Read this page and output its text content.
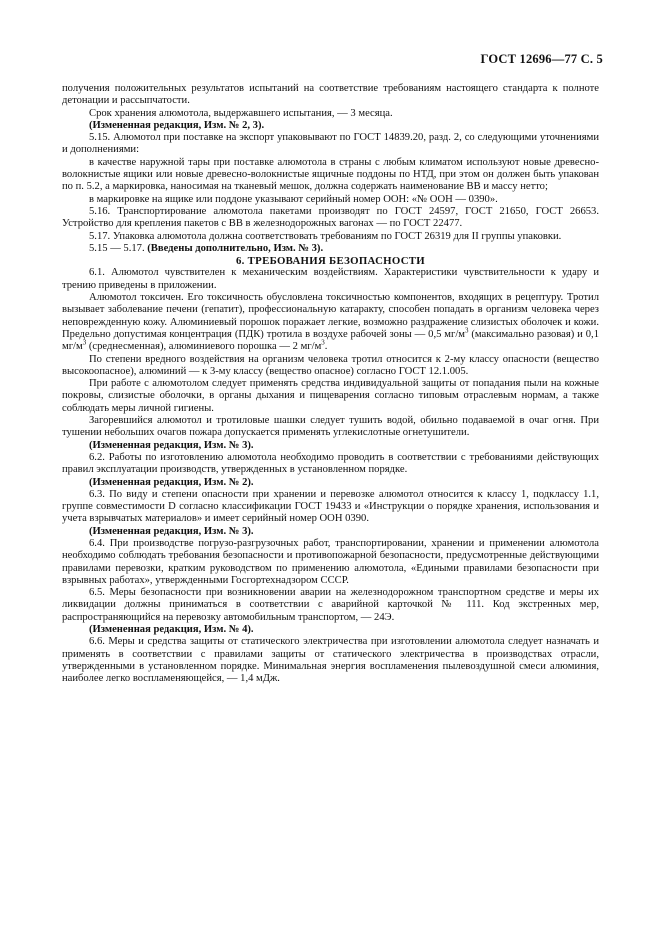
ГОСТ 12696—77 С. 5

получения положительных результатов испытаний на соответствие требованиям настоящего стандарта к полноте детонации и рассыпчатости.

Срок хранения алюмотола, выдержавшего испытания, — 3 месяца.

(Измененная редакция, Изм. № 2, 3).

5.15. Алюмотол при поставке на экспорт упаковывают по ГОСТ 14839.20, разд. 2, со следующими уточнениями и дополнениями:

в качестве наружной тары при поставке алюмотола в страны с любым климатом используют новые древесно-волокнистые ящики или новые древесно-волокнистые ящичные поддоны по НТД, при этом он должен быть упакован по п. 5.2, а маркировка, наносимая на тканевый мешок, должна содержать наименование ВВ и массу нетто;

в маркировке на ящике или поддоне указывают серийный номер ООН: «№ ООН — 0390».

5.16. Транспортирование алюмотола пакетами производят по ГОСТ 24597, ГОСТ 21650, ГОСТ 26653. Устройство для крепления пакетов с ВВ в железнодорожных вагонах — по ГОСТ 22477.

5.17. Упаковка алюмотола должна соответствовать требованиям по ГОСТ 26319 для II группы упаковки.

5.15 — 5.17. (Введены дополнительно, Изм. № 3).

6. ТРЕБОВАНИЯ БЕЗОПАСНОСТИ

6.1. Алюмотол чувствителен к механическим воздействиям. Характеристики чувствительности к удару и трению приведены в приложении.

Алюмотол токсичен. Его токсичность обусловлена токсичностью компонентов, входящих в рецептуру. Тротил вызывает заболевание печени (гепатит), профессиональную катаракту, способен попадать в организм человека через неповрежденную кожу. Алюминиевый порошок поражает легкие, возможно раздражение слизистых оболочек и кожи. Предельно допустимая концентрация (ПДК) тротила в воздухе рабочей зоны — 0,5 $мг/м^3$ (максимально разовая) и 0,1 $мг/м^3$ (среднесменная), алюминиевого порошка — 2 $мг/м^3$.

По степени вредного воздействия на организм человека тротил относится к 2-му классу опасности (вещество высокоопасное), алюминий — к 3-му классу (вещество опасное) согласно ГОСТ 12.1.005.

При работе с алюмотолом следует применять средства индивидуальной защиты от попадания пыли на кожные покровы, слизистые оболочки, в органы дыхания и пищеварения согласно типовым отраслевым нормам, а также соблюдать меры личной гигиены.

Загоревшийся алюмотол и тротиловые шашки следует тушить водой, обильно подаваемой в очаг огня. При тушении небольших очагов пожара допускается применять углекислотные огнетушители.

(Измененная редакция, Изм. № 3).

6.2. Работы по изготовлению алюмотола необходимо проводить в соответствии с требованиями действующих правил эксплуатации производств, утвержденных в установленном порядке.

(Измененная редакция, Изм. № 2).

6.3. По виду и степени опасности при хранении и перевозке алюмотол относится к классу 1, подклассу 1.1, группе совместимости D согласно классификации ГОСТ 19433 и «Инструкции о порядке хранения, использования и учета взрывчатых материалов» и имеет серийный номер ООН 0390.

(Измененная редакция, Изм. № 3).

6.4. При производстве погрузо-разгрузочных работ, транспортировании, хранении и применении алюмотола необходимо соблюдать требования безопасности и противопожарной безопасности, предусмотренные действующими правилами перевозки, кратким руководством по применению алюмотола, «Едиными правилами безопасности при взрывных работах», утвержденными Госгортехнадзором СССР.

6.5. Меры безопасности при возникновении аварии на железнодорожном транспортном средстве и меры их ликвидации должны приниматься в соответствии с аварийной карточкой № 111. Код экстренных мер, распространяющийся на перевозку автомобильным транспортом, — 24Э.

(Измененная редакция, Изм. № 4).

6.6. Меры и средства защиты от статического электричества при изготовлении алюмотола следует назначать и применять в соответствии с правилами защиты от статического электричества в производствах отрасли, утвержденными в установленном порядке. Минимальная энергия воспламенения пылевоздушной смеси алюминия, наиболее легко воспламеняющейся, — 1,4 мДж.
